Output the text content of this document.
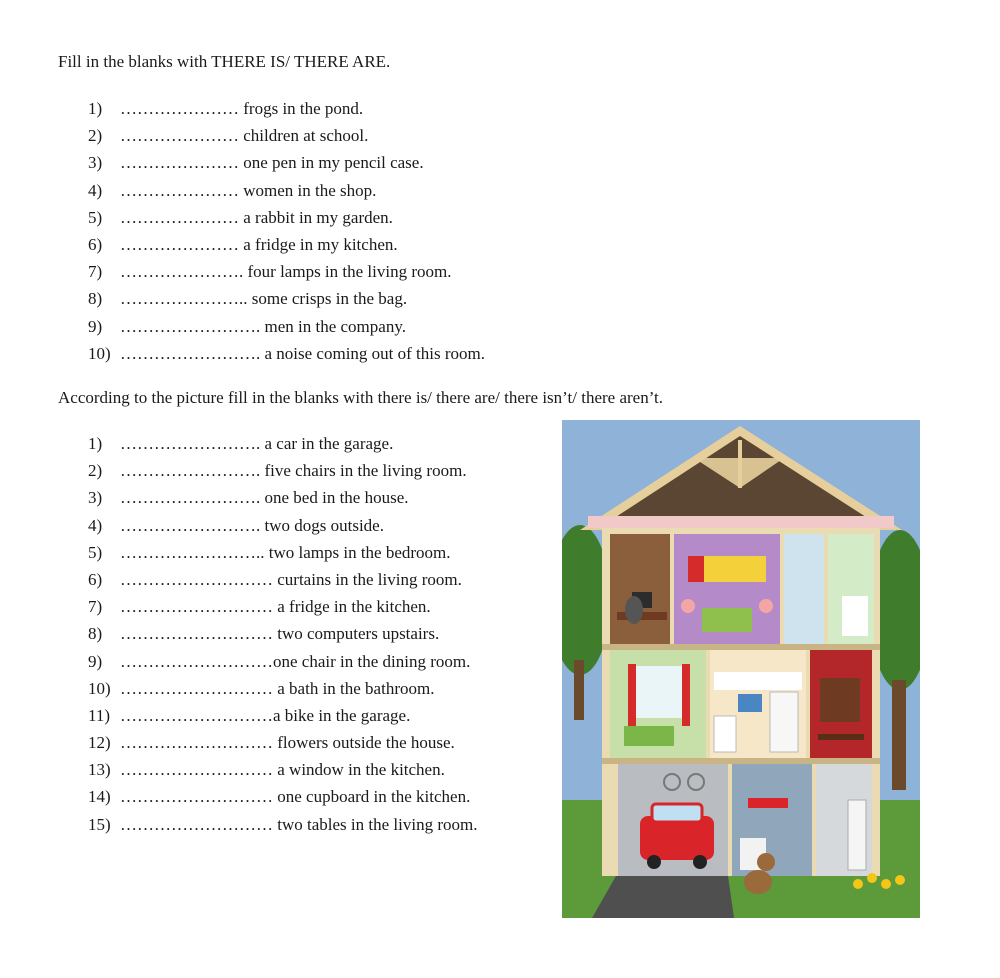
Fill in the blanks with THERE IS/ THERE ARE.
1)	………………… frogs in the pond.
2)	………………… children at school.
3)	………………… one pen in my pencil case.
4)	………………… women in the shop.
5)	………………… a rabbit in my garden.
6)	………………… a fridge in my kitchen.
7)	…………………. four lamps in the living room.
8)	………………….. some crisps in the bag.
9)	……………………. men in the company.
10) ……………………. a noise coming out of this room.
According to the picture fill in the blanks with there is/ there are/ there isn’t/ there aren’t.
1)	……………………. a car in the garage.
2)	……………………. five chairs in the living room.
3)	……………………. one bed in the house.
4)	……………………. two dogs outside.
5)	…………………….. two lamps in the bedroom.
6)	……………………… curtains in the living room.
7)	……………………… a fridge in the kitchen.
8)	……………………… two computers upstairs.
9)	………………………one chair in the dining room.
10) ……………………… a bath in the bathroom.
11) ………………………a bike in the garage.
12) ……………………… flowers outside the house.
13) ……………………… a window in the kitchen.
14) ……………………… one cupboard in the kitchen.
15) ……………………… two tables in the living room.
